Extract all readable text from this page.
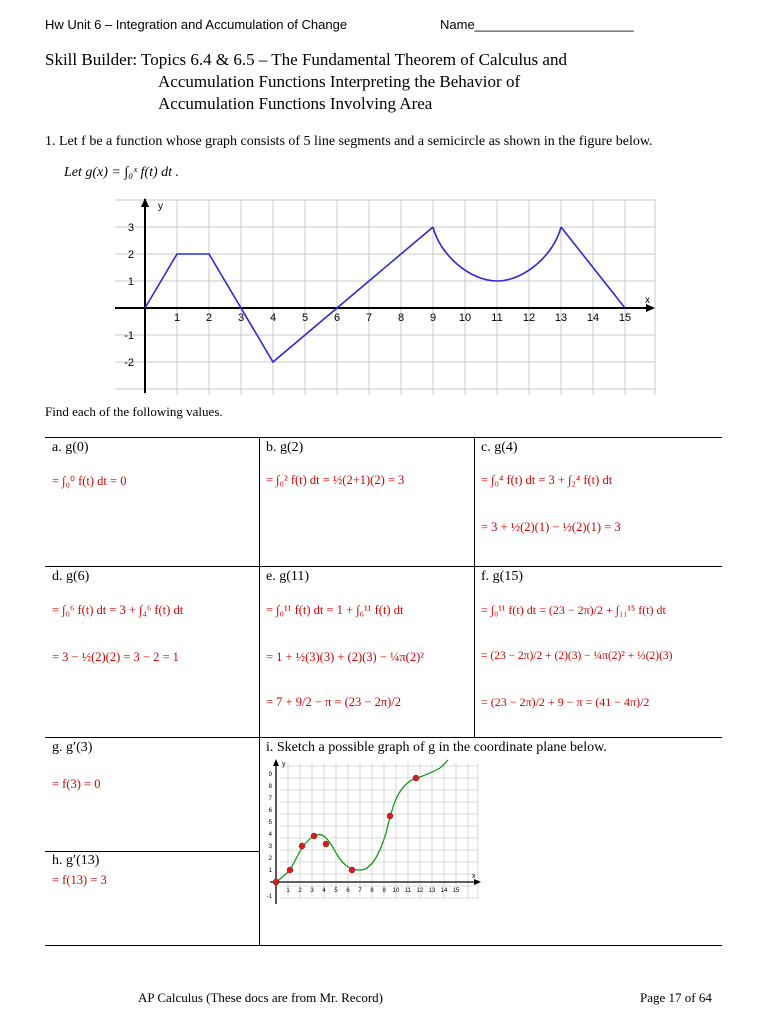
Hw Unit 6 – Integration and Accumulation of Change	Name______________________
Skill Builder: Topics 6.4 & 6.5 – The Fundamental Theorem of Calculus and
Accumulation Functions Interpreting the Behavior of
Accumulation Functions Involving Area
1. Let f be a function whose graph consists of 5 line segments and a semicircle as shown in the figure below.
Let g(x) = ∫₀ˣ f(t) dt .
y
x
1 2 3 4 5 6 7 8 9 10 11 12 13 14 15
3
2
1
-1
-2
Find each of the following values.
a. g(0)
= ∫₀⁰ f(t) dt = 0
b. g(2)
= ∫₀² f(t) dt = ½(2+1)(2) = 3
c. g(4)
= ∫₀⁴ f(t) dt = 3 + ∫₂⁴ f(t) dt
= 3 + ½(2)(1) − ½(2)(1) = 3
d. g(6)
= ∫₀⁶ f(t) dt = 3 + ∫₄⁶ f(t) dt
= 3 − ½(2)(2) = 3 − 2 = 1
e. g(11)
= ∫₀¹¹ f(t) dt = 1 + ∫₆¹¹ f(t) dt
= 1 + ½(3)(3) + (2)(3) − ¼π(2)²
= 7 + 9/2 − π = (23 − 2π)/2
f. g(15)
= ∫₀¹¹ f(t) dt = (23 − 2π)/2 + ∫₁₁¹⁵ f(t) dt
= (23 − 2π)/2 + (2)(3) − ¼π(2)² + ½(2)(3)
= (23 − 2π)/2 + 9 − π = (41 − 4π)/2
g. g′(3)
= f(3) = 0
h. g′(13)
= f(13) = 3
i. Sketch a possible graph of g in the coordinate plane below.
y
x
1 2 3 4 5 6 7 8 9 10 11 12 13 14 15
9
8
7
6
5
4
3
2
1
-1
AP Calculus (These docs are from Mr. Record)	Page 17 of 64
